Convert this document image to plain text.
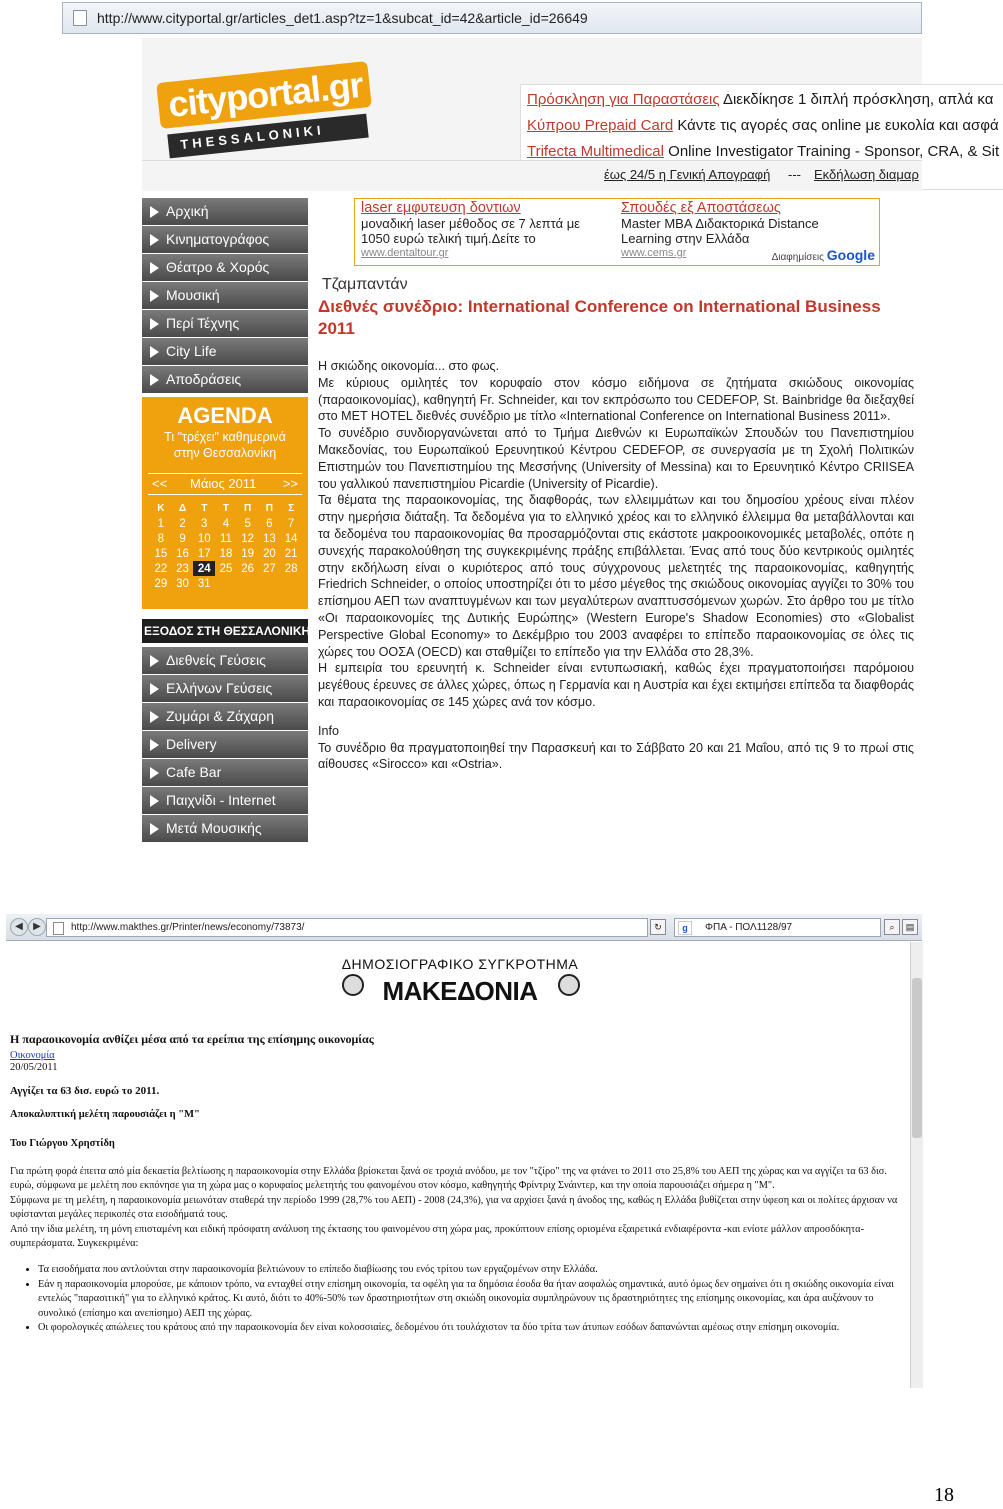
http://www.cityportal.gr/articles_det1.asp?tz=1&subcat_id=42&article_id=26649
cityportal.gr
THESSALONIKI
Πρόσκληση για Παραστάσεις Διεκδίκησε 1 διπλή πρόσκληση, απλά κα
Κύπρου Prepaid Card Κάντε τις αγορές σας online με ευκολία και ασφά
Trifecta Multimedical Online Investigator Training - Sponsor, CRA, & Sit
έως 24/5 η Γενική Απογραφή --- Εκδήλωση διαμαρ
Αρχική
Κινηματογράφος
Θέατρο & Χορός
Μουσική
Περί Τέχνης
City Life
Αποδράσεις
AGENDA
Τι "τρέχει" καθημερινά
στην Θεσσαλονίκη
<< Μάιος 2011 >>
Κ	Δ	Τ	Τ	Π	Π	Σ
1	2	3	4	5	6	7
8	9	10	11	12	13	14
15	16	17	18	19	20	21
22	23	24	25	26	27	28
29	30	31				
ΕΞΟΔΟΣ ΣΤΗ ΘΕΣΣΑΛΟΝΙΚΗ
Διεθνείς Γεύσεις
Ελλήνων Γεύσεις
Ζυμάρι & Ζάχαρη
Delivery
Cafe Bar
Παιχνίδι - Internet
Μετά Μουσικής
laser εμφυτευση δοντιων
μοναδική laser μέθοδος σε 7 λεπτά με
1050 ευρώ τελική τιμή.Δείτε το
www.dentaltour.gr
Σπουδές εξ Αποστάσεως
Master MBA Διδακτορικά Distance
Learning στην Ελλάδα
www.cems.gr	Διαφημίσεις Google
Τζαμπαντάν
Διεθνές συνέδριο: International Conference on International Business
2011

Η σκιώδης οικονομία... στο φως.

Με κύριους ομιλητές τον κορυφαίο στον κόσμο ειδήμονα σε ζητήματα σκιώδους οικονομίας (παραοικονομίας), καθηγητή Fr. Schneider, και τον εκπρόσωπο του CEDEFOP, St. Bainbridge θα διεξαχθεί στο ΜΕΤ HOTEL διεθνές συνέδριο με τίτλο «International Conference on International Business 2011».

Το συνέδριο συνδιοργανώνεται από το Τμήμα Διεθνών κι Ευρωπαϊκών Σπουδών του Πανεπιστημίου Μακεδονίας, του Ευρωπαϊκού Ερευνητικού Κέντρου CEDEFOP, σε συνεργασία με τη Σχολή Πολιτικών Επιστημών του Πανεπιστημίου της Μεσσήνης (University of Messina) και το Ερευνητικό Κέντρο CRIISEA του γαλλικού πανεπιστημίου Picardie (University of Picardie).

Τα θέματα της παραοικονομίας, της διαφθοράς, των ελλειμμάτων και του δημοσίου χρέους είναι πλέον στην ημερήσια διάταξη. Τα δεδομένα για το ελληνικό χρέος και το ελληνικό έλλειμμα θα μεταβάλλονται και τα δεδομένα του παραοικονομίας θα προσαρμόζονται στις εκάστοτε μακροοικονομικές μεταβολές, οπότε η συνεχής παρακολούθηση της συγκεκριμένης πράξης επιβάλλεται. Ένας από τους δύο κεντρικούς ομιλητές στην εκδήλωση είναι ο κυριότερος από τους σύγχρονους μελετητές της παραοικονομίας, καθηγητής Friedrich Schneider, ο οποίος υποστηρίζει ότι το μέσο μέγεθος της σκιώδους οικονομίας αγγίζει το 30% του επίσημου ΑΕΠ των αναπτυγμένων και των μεγαλύτερων αναπτυσσόμενων χωρών. Στο άρθρο του με τίτλο «Οι παραοικονομίες της Δυτικής Ευρώπης» (Western Europe's Shadow Economies) στο «Globalist Perspective Global Economy» το Δεκέμβριο του 2003 αναφέρει το επίπεδο παραοικονομίας σε όλες τις χώρες του ΟΟΣΑ (OECD) και σταθμίζει το επίπεδο για την Ελλάδα στο 28,3%.

Η εμπειρία του ερευνητή κ. Schneider είναι εντυπωσιακή, καθώς έχει πραγματοποιήσει παρόμοιου μεγέθους έρευνες σε άλλες χώρες, όπως η Γερμανία και η Αυστρία και έχει εκτιμήσει επίπεδα τα διαφθοράς και παραοικονομίας σε 145 χώρες ανά τον κόσμο.

Info

Το συνέδριο θα πραγματοποιηθεί την Παρασκευή και το Σάββατο 20 και 21 Μαΐου, από τις 9 το πρωί στις αίθουσες «Sirocco» και «Ostria».

◀	▶	http://www.makthes.gr/Printer/news/economy/73873/	↻	g	ΦΠΑ - ΠΟΛ1128/97	⌕	▤
ΔΗΜΟΣΙΟΓΡΑΦΙΚΟ ΣΥΓΚΡΟΤΗΜΑ
ΜΑΚΕΔΟΝΙΑ
Η παραοικονομία ανθίζει μέσα από τα ερείπια της επίσημης οικονομίας
Οικονομία
20/05/2011
Αγγίζει τα 63 δισ. ευρώ το 2011.
Αποκαλυπτική μελέτη παρουσιάζει η "Μ"
Του Γιώργου Χρηστίδη

Για πρώτη φορά έπειτα από μία δεκαετία βελτίωσης η παραοικονομία στην Ελλάδα βρίσκεται ξανά σε τροχιά ανόδου, με τον "τζίρο" της να φτάνει το 2011 στο 25,8% του ΑΕΠ της χώρας και να αγγίζει τα 63 δισ. ευρώ, σύμφωνα με μελέτη που εκπόνησε για τη χώρα μας ο κορυφαίος μελετητής του φαινομένου στον κόσμο, καθηγητής Φρίντριχ Σνάιντερ, και την οποία παρουσιάζει σήμερα η "Μ".

Σύμφωνα με τη μελέτη, η παραοικονομία μειωνόταν σταθερά την περίοδο 1999 (28,7% του ΑΕΠ) - 2008 (24,3%), για να αρχίσει ξανά η άνοδος της, καθώς η Ελλάδα βυθίζεται στην ύφεση και οι πολίτες άρχισαν να υφίστανται μεγάλες περικοπές στα εισοδήματά τους.

Από την ίδια μελέτη, τη μόνη επισταμένη και ειδική πρόσφατη ανάλυση της έκτασης του φαινομένου στη χώρα μας, προκύπτουν επίσης ορισμένα εξαιρετικά ενδιαφέροντα -και ενίοτε μάλλον απροσδόκητα- συμπεράσματα. Συγκεκριμένα:

• Τα εισοδήματα που αντλούνται στην παραοικονομία βελτιώνουν το επίπεδο διαβίωσης του ενός τρίτου των εργαζομένων στην Ελλάδα.
• Εάν η παραοικονομία μπορούσε, με κάποιον τρόπο, να ενταχθεί στην επίσημη οικονομία, τα οφέλη για τα δημόσια έσοδα θα ήταν ασφαλώς σημαντικά, αυτό όμως δεν σημαίνει ότι η σκιώδης οικονομία είναι εντελώς "παρασιτική" για το ελληνικό κράτος. Κι αυτό, διότι το 40%-50% των δραστηριοτήτων στη σκιώδη οικονομία συμπληρώνουν τις δραστηριότητες της επίσημης οικονομίας, και άρα αυξάνουν το συνολικό (επίσημο και ανεπίσημο) ΑΕΠ της χώρας.
• Οι φορολογικές απώλειες του κράτους από την παραοικονομία δεν είναι κολοσσιαίες, δεδομένου ότι τουλάχιστον τα δύο τρίτα των άτυπων εσόδων δαπανώνται αμέσως στην επίσημη οικονομία.
18
